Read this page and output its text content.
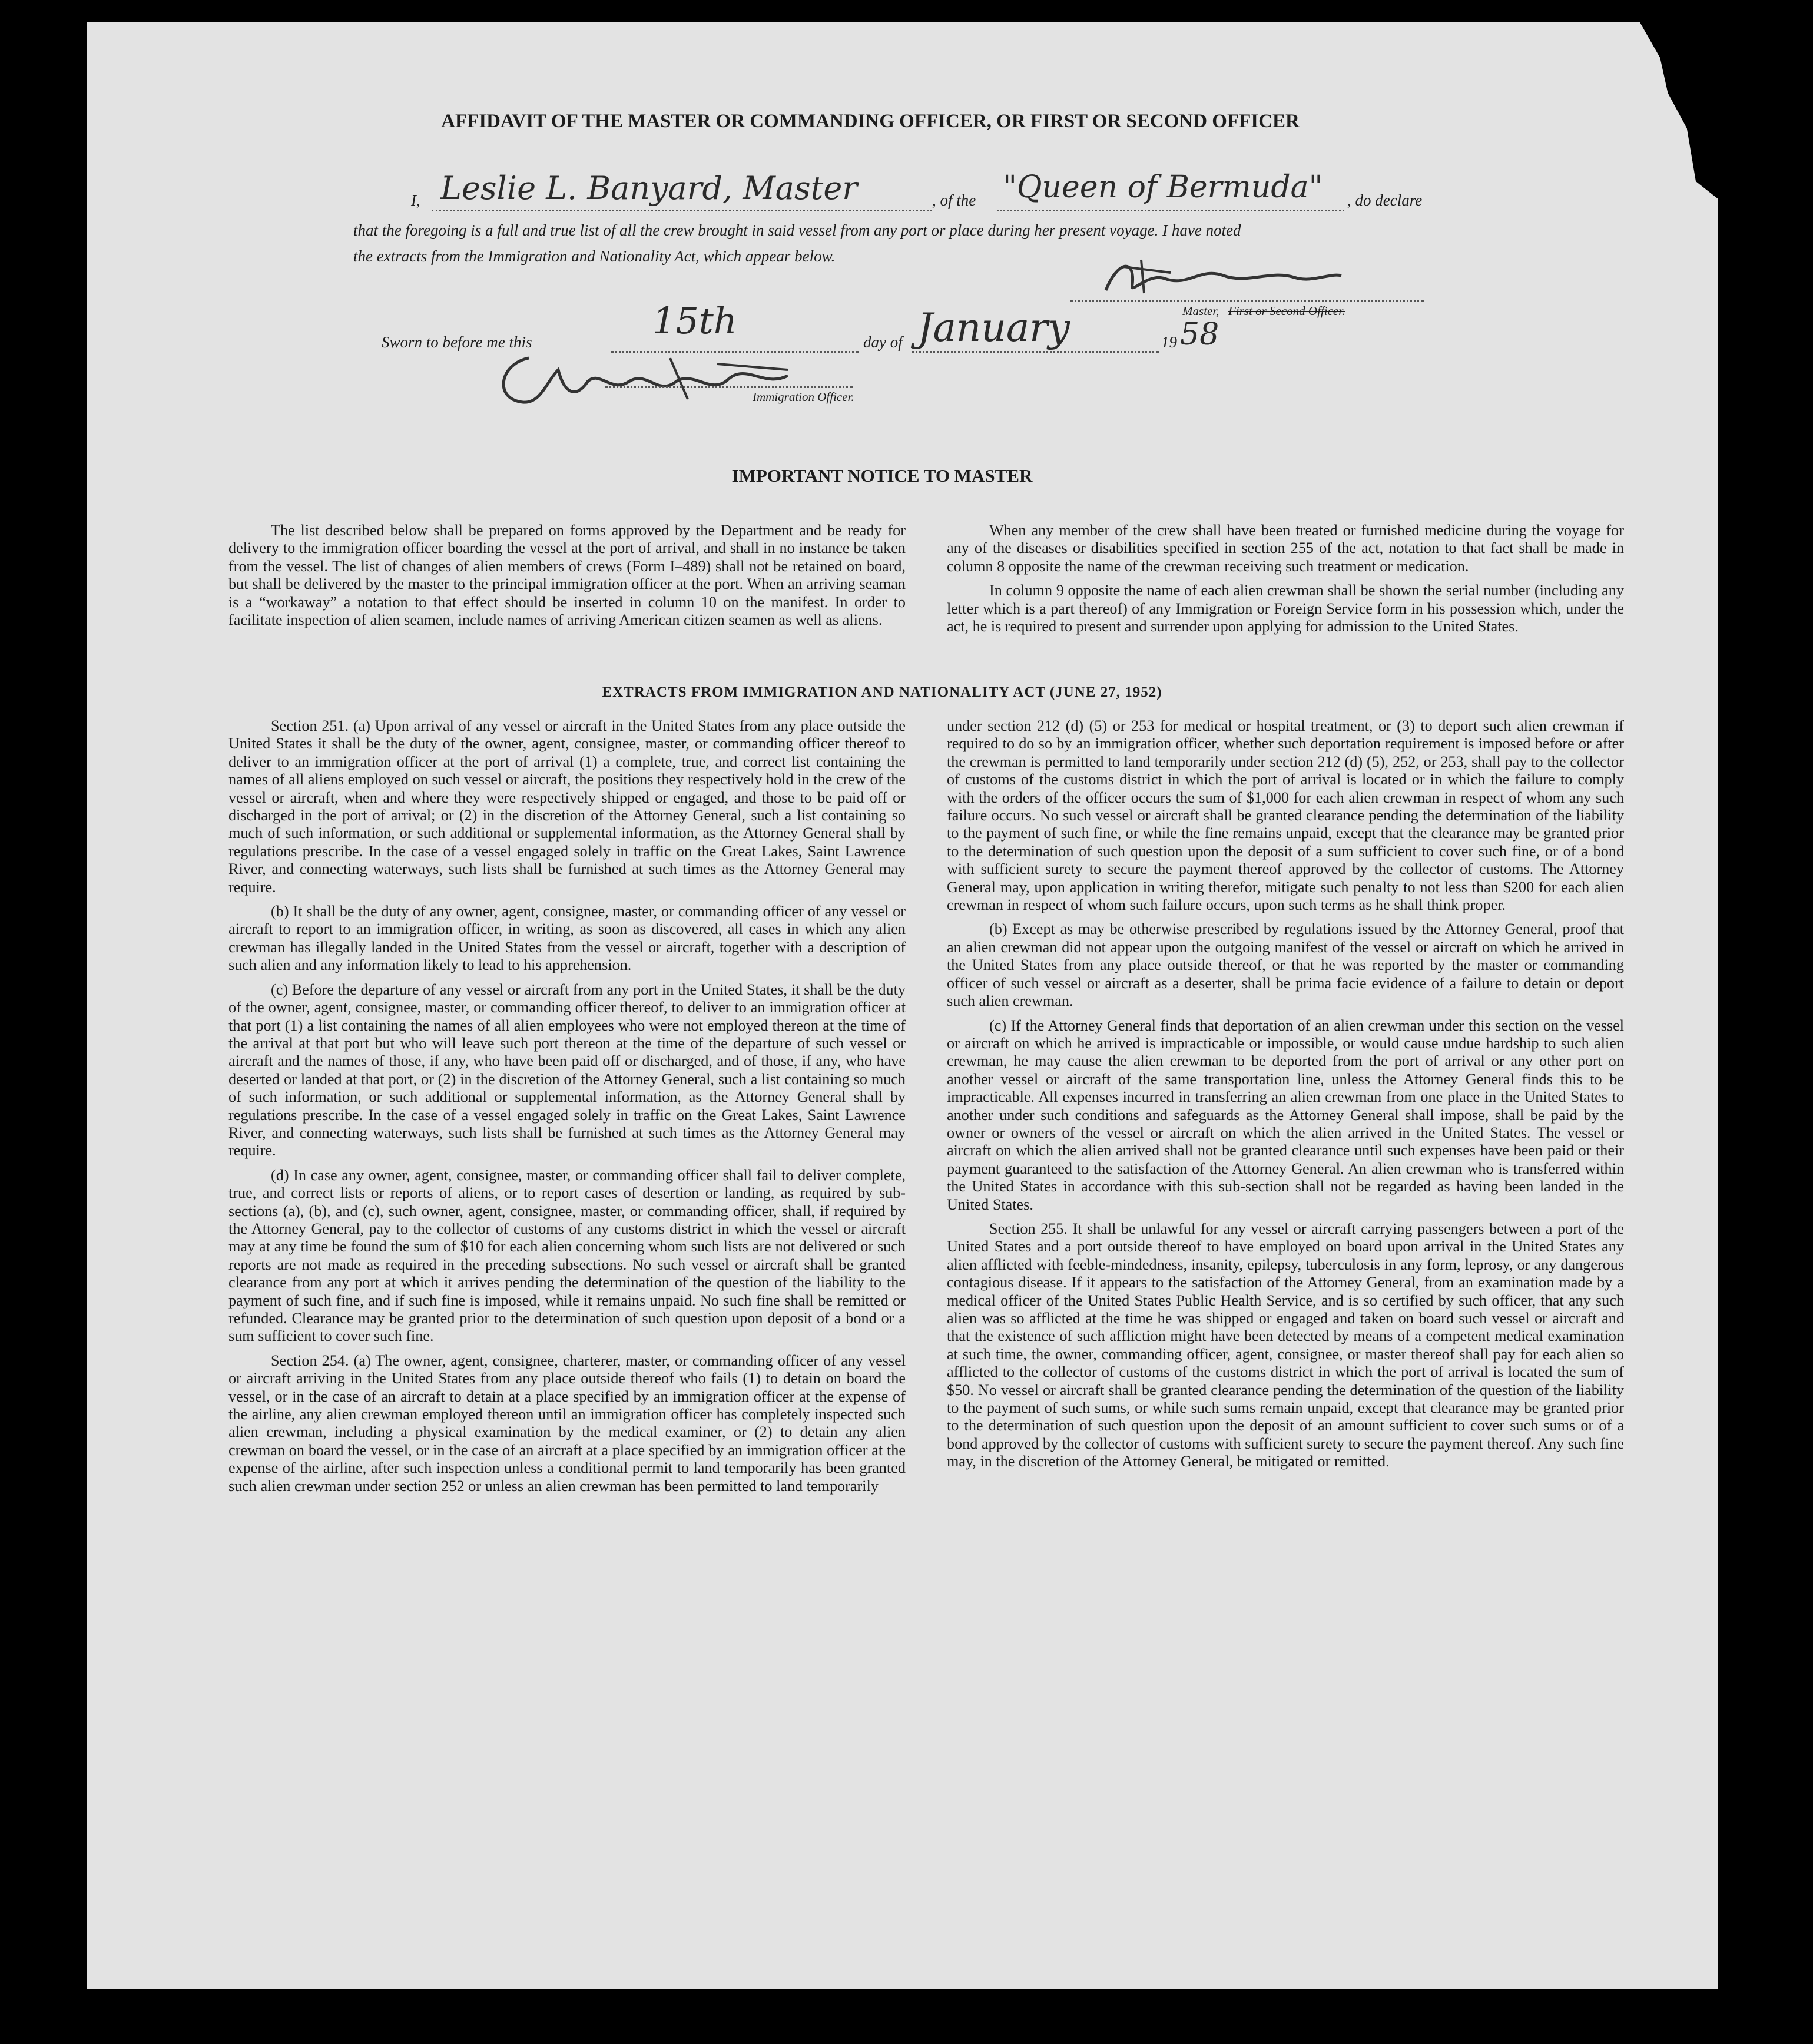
AFFIDAVIT OF THE MASTER OR COMMANDING OFFICER, OR FIRST OR SECOND OFFICER
I, Leslie L. Banyard, Master	, of the "Queen of Bermuda" , do declare
that the foregoing is a full and true list of all the crew brought in said vessel from any port or place during her present voyage. I have noted
the extracts from the Immigration and Nationality Act, which appear below.
Master, First or Second Officer.
Sworn to before me this	15th	day of January	19 58
Immigration Officer.
IMPORTANT NOTICE TO MASTER

The list described below shall be prepared on forms approved by the Department and be ready for delivery to the immigration officer boarding the vessel at the port of arrival, and shall in no instance be taken from the vessel. The list of changes of alien members of crews (Form I–489) shall not be retained on board, but shall be delivered by the master to the principal immigration officer at the port. When an arriving seaman is a “workaway” a notation to that effect should be inserted in column 10 on the manifest. In order to facilitate inspection of alien seamen, include names of arriving American citizen seamen as well as aliens.

When any member of the crew shall have been treated or furnished medicine during the voyage for any of the diseases or disabilities specified in section 255 of the act, notation to that fact shall be made in column 8 opposite the name of the crewman receiving such treatment or medication.

In column 9 opposite the name of each alien crewman shall be shown the serial number (including any letter which is a part thereof) of any Immigration or Foreign Service form in his possession which, under the act, he is required to present and surrender upon applying for admission to the United States.

EXTRACTS FROM IMMIGRATION AND NATIONALITY ACT (JUNE 27, 1952)

Section 251. (a) Upon arrival of any vessel or aircraft in the United States from any place outside the United States it shall be the duty of the owner, agent, consignee, master, or commanding officer thereof to deliver to an immigration officer at the port of arrival (1) a complete, true, and correct list containing the names of all aliens employed on such vessel or aircraft, the positions they respectively hold in the crew of the vessel or aircraft, when and where they were respectively shipped or engaged, and those to be paid off or discharged in the port of arrival; or (2) in the discretion of the Attorney General, such a list containing so much of such information, or such additional or supplemental information, as the Attorney General shall by regulations prescribe. In the case of a vessel engaged solely in traffic on the Great Lakes, Saint Lawrence River, and connecting waterways, such lists shall be furnished at such times as the Attorney General may require.

(b) It shall be the duty of any owner, agent, consignee, master, or commanding officer of any vessel or aircraft to report to an immigration officer, in writing, as soon as discovered, all cases in which any alien crewman has illegally landed in the United States from the vessel or aircraft, together with a description of such alien and any information likely to lead to his apprehension.

(c) Before the departure of any vessel or aircraft from any port in the United States, it shall be the duty of the owner, agent, consignee, master, or commanding officer thereof, to deliver to an immigration officer at that port (1) a list containing the names of all alien employees who were not employed thereon at the time of the arrival at that port but who will leave such port thereon at the time of the departure of such vessel or aircraft and the names of those, if any, who have been paid off or discharged, and of those, if any, who have deserted or landed at that port, or (2) in the discretion of the Attorney General, such a list containing so much of such information, or such additional or supplemental information, as the Attorney General shall by regulations prescribe. In the case of a vessel engaged solely in traffic on the Great Lakes, Saint Lawrence River, and connecting waterways, such lists shall be furnished at such times as the Attorney General may require.

(d) In case any owner, agent, consignee, master, or commanding officer shall fail to deliver complete, true, and correct lists or reports of aliens, or to report cases of desertion or landing, as required by sub-sections (a), (b), and (c), such owner, agent, consignee, master, or commanding officer, shall, if required by the Attorney General, pay to the collector of customs of any customs district in which the vessel or aircraft may at any time be found the sum of $10 for each alien concerning whom such lists are not delivered or such reports are not made as required in the preceding subsections. No such vessel or aircraft shall be granted clearance from any port at which it arrives pending the determination of the question of the liability to the payment of such fine, and if such fine is imposed, while it remains unpaid. No such fine shall be remitted or refunded. Clearance may be granted prior to the determination of such question upon deposit of a bond or a sum sufficient to cover such fine.

Section 254. (a) The owner, agent, consignee, charterer, master, or commanding officer of any vessel or aircraft arriving in the United States from any place outside thereof who fails (1) to detain on board the vessel, or in the case of an aircraft to detain at a place specified by an immigration officer at the expense of the airline, any alien crewman employed thereon until an immigration officer has completely inspected such alien crewman, including a physical examination by the medical examiner, or (2) to detain any alien crewman on board the vessel, or in the case of an aircraft at a place specified by an immigration officer at the expense of the airline, after such inspection unless a conditional permit to land temporarily has been granted such alien crewman under section 252 or unless an alien crewman has been permitted to land temporarily

under section 212 (d) (5) or 253 for medical or hospital treatment, or (3) to deport such alien crewman if required to do so by an immigration officer, whether such deportation requirement is imposed before or after the crewman is permitted to land temporarily under section 212 (d) (5), 252, or 253, shall pay to the collector of customs of the customs district in which the port of arrival is located or in which the failure to comply with the orders of the officer occurs the sum of $1,000 for each alien crewman in respect of whom any such failure occurs. No such vessel or aircraft shall be granted clearance pending the determination of the liability to the payment of such fine, or while the fine remains unpaid, except that the clearance may be granted prior to the determination of such question upon the deposit of a sum sufficient to cover such fine, or of a bond with sufficient surety to secure the payment thereof approved by the collector of customs. The Attorney General may, upon application in writing therefor, mitigate such penalty to not less than $200 for each alien crewman in respect of whom such failure occurs, upon such terms as he shall think proper.

(b) Except as may be otherwise prescribed by regulations issued by the Attorney General, proof that an alien crewman did not appear upon the outgoing manifest of the vessel or aircraft on which he arrived in the United States from any place outside thereof, or that he was reported by the master or commanding officer of such vessel or aircraft as a deserter, shall be prima facie evidence of a failure to detain or deport such alien crewman.

(c) If the Attorney General finds that deportation of an alien crewman under this section on the vessel or aircraft on which he arrived is impracticable or impossible, or would cause undue hardship to such alien crewman, he may cause the alien crewman to be deported from the port of arrival or any other port on another vessel or aircraft of the same transportation line, unless the Attorney General finds this to be impracticable. All expenses incurred in transferring an alien crewman from one place in the United States to another under such conditions and safeguards as the Attorney General shall impose, shall be paid by the owner or owners of the vessel or aircraft on which the alien arrived in the United States. The vessel or aircraft on which the alien arrived shall not be granted clearance until such expenses have been paid or their payment guaranteed to the satisfaction of the Attorney General. An alien crewman who is transferred within the United States in accordance with this sub-section shall not be regarded as having been landed in the United States.

Section 255. It shall be unlawful for any vessel or aircraft carrying passengers between a port of the United States and a port outside thereof to have employed on board upon arrival in the United States any alien afflicted with feeble-mindedness, insanity, epilepsy, tuberculosis in any form, leprosy, or any dangerous contagious disease. If it appears to the satisfaction of the Attorney General, from an examination made by a medical officer of the United States Public Health Service, and is so certified by such officer, that any such alien was so afflicted at the time he was shipped or engaged and taken on board such vessel or aircraft and that the existence of such affliction might have been detected by means of a competent medical examination at such time, the owner, commanding officer, agent, consignee, or master thereof shall pay for each alien so afflicted to the collector of customs of the customs district in which the port of arrival is located the sum of $50. No vessel or aircraft shall be granted clearance pending the determination of the question of the liability to the payment of such sums, or while such sums remain unpaid, except that clearance may be granted prior to the determination of such question upon the deposit of an amount sufficient to cover such sums or of a bond approved by the collector of customs with sufficient surety to secure the payment thereof. Any such fine may, in the discretion of the Attorney General, be mitigated or remitted.
